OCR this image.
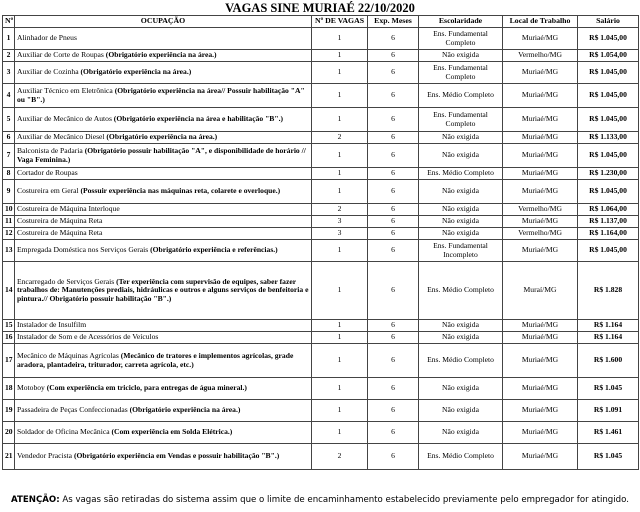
VAGAS SINE MURIAÉ 22/10/2020
Nº	OCUPAÇÃO	Nº DE VAGAS	Exp. Meses	Escolaridade	Local de Trabalho	Salário
1	Alinhador de Pneus	1	6	Ens. Fundamental Completo	Muriaé/MG	R$ 1.045,00
2	Auxiliar de Corte de Roupas (Obrigatório experiência na área.)	1	6	Não exigida	Vermelho/MG	R$ 1.054,00
3	Auxiliar de Cozinha (Obrigatório experiência na área.)	1	6	Ens. Fundamental Completo	Muriaé/MG	R$ 1.045,00
4	Auxiliar Técnico em Eletrônica (Obrigatório experiência na área// Possuir habilitação "A" ou "B".)	1	6	Ens. Médio Completo	Muriaé/MG	R$ 1.045,00
5	Auxiliar de Mecânico de Autos (Obrigatório experiência na área e habilitação "B".)	1	6	Ens. Fundamental Completo	Muriaé/MG	R$ 1.045,00
6	Auxiliar de Mecânico Diesel (Obrigatório experiência na área.)	2	6	Não exigida	Muriaé/MG	R$ 1.133,00
7	Balconista de Padaria (Obrigatório possuir habilitação "A", e disponibilidade de horário // Vaga Feminina.)	1	6	Não exigida	Muriaé/MG	R$ 1.045,00
8	Cortador de Roupas	1	6	Ens. Médio Completo	Muriaé/MG	R$ 1.230,00
9	Costureira em Geral (Possuir experiência nas máquinas reta, colarete e overloque.)	1	6	Não exigida	Muriaé/MG	R$ 1.045,00
10	Costureira de Máquina Interloque	2	6	Não exigida	Vermelho/MG	R$ 1.064,00
11	Costureira de Máquina Reta	3	6	Não exigida	Muriaé/MG	R$ 1.137,00
12	Costureira de Máquina Reta	3	6	Não exigida	Vermelho/MG	R$ 1.164,00
13	Empregada Doméstica nos Serviços Gerais (Obrigatório experiência e referências.)	1	6	Ens. Fundamental Incompleto	Muriaé/MG	R$ 1.045,00
14	Encarregado de Serviços Gerais (Ter experiência com supervisão de equipes, saber fazer trabalhos de: Manutenções prediais, hidráulicas e outros e alguns serviços de benfeitoria e pintura.// Obrigatório possuir habilitação "B".)	1	6	Ens. Médio Completo	Muraí/MG	R$ 1.828
15	Instalador de Insulfilm	1	6	Não exigida	Muriaé/MG	R$ 1.164
16	Instalador de Som e de Acessórios de Veículos	1	6	Não exigida	Muriaé/MG	R$ 1.164
17	Mecânico de Máquinas Agrícolas (Mecânico de tratores e implementos agrícolas, grade aradora, plantadeira, triturador, carreta agrícola, etc.)	1	6	Ens. Médio Completo	Muriaé/MG	R$ 1.600
18	Motoboy (Com experiência em triciclo, para entregas de água mineral.)	1	6	Não exigida	Muriaé/MG	R$ 1.045
19	Passadeira de Peças Confeccionadas (Obrigatório experiência na área.)	1	6	Não exigida	Muriaé/MG	R$ 1.091
20	Soldador de Oficina Mecânica (Com experiência em Solda Elétrica.)	1	6	Não exigida	Muriaé/MG	R$ 1.461
21	Vendedor Pracista (Obrigatório experiência em Vendas e possuir habilitação "B".)	2	6	Ens. Médio Completo	Muriaé/MG	R$ 1.045
ATENÇÃO: As vagas são retiradas do sistema assim que o limite de encaminhamento estabelecido previamente pelo empregador for atingido.
